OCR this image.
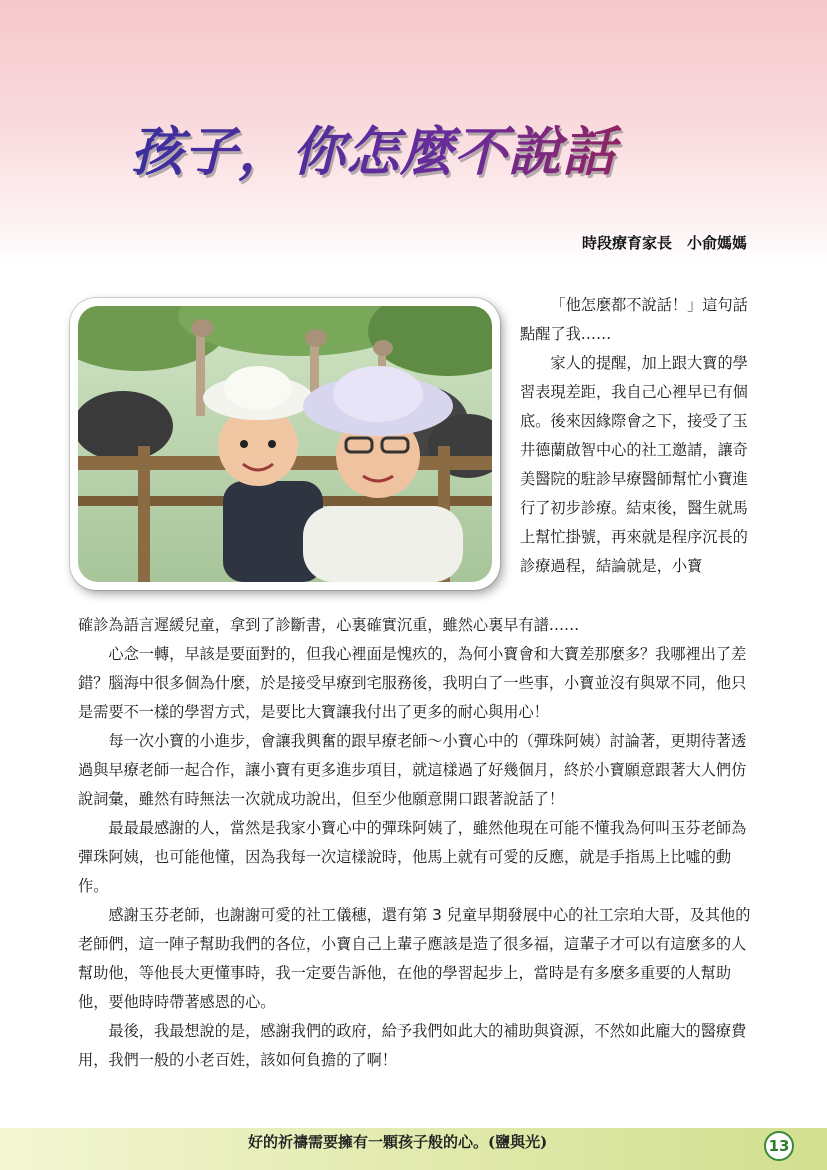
孩子，你怎麼不說話
時段療育家長　小俞媽媽

「他怎麼都不說話！」這句話點醒了我……

家人的提醒，加上跟大寶的學習表現差距，我自己心裡早已有個底。後來因緣際會之下，接受了玉井德蘭啟智中心的社工邀請，讓奇美醫院的駐診早療醫師幫忙小寶進行了初步診療。結束後，醫生就馬上幫忙掛號，再來就是程序沉長的診療過程，結論就是，小寶

確診為語言遲緩兒童，拿到了診斷書，心裏確實沉重，雖然心裏早有譜……

心念一轉，早該是要面對的，但我心裡面是愧疚的，為何小寶會和大寶差那麼多？我哪裡出了差錯？腦海中很多個為什麼，於是接受早療到宅服務後，我明白了一些事，小寶並沒有與眾不同，他只是需要不一樣的學習方式，是要比大寶讓我付出了更多的耐心與用心！

每一次小寶的小進步，會讓我興奮的跟早療老師～小寶心中的（彈珠阿姨）討論著，更期待著透過與早療老師一起合作，讓小寶有更多進步項目，就這樣過了好幾個月，終於小寶願意跟著大人們仿說詞彙，雖然有時無法一次就成功說出，但至少他願意開口跟著說話了！

最最最感謝的人，當然是我家小寶心中的彈珠阿姨了，雖然他現在可能不懂我為何叫玉芬老師為彈珠阿姨，也可能他懂，因為我每一次這樣說時，他馬上就有可愛的反應，就是手指馬上比噓的動作。

感謝玉芬老師，也謝謝可愛的社工儀穗，還有第 3 兒童早期發展中心的社工宗珀大哥，及其他的老師們，這一陣子幫助我們的各位，小寶自己上輩子應該是造了很多福，這輩子才可以有這麼多的人幫助他，等他長大更懂事時，我一定要告訴他，在他的學習起步上，當時是有多麼多重要的人幫助他，要他時時帶著感恩的心。

最後，我最想說的是，感謝我們的政府，給予我們如此大的補助與資源，不然如此龐大的醫療費用，我們一般的小老百姓，該如何負擔的了啊！

好的祈禱需要擁有一顆孩子般的心。(鹽與光)	13
